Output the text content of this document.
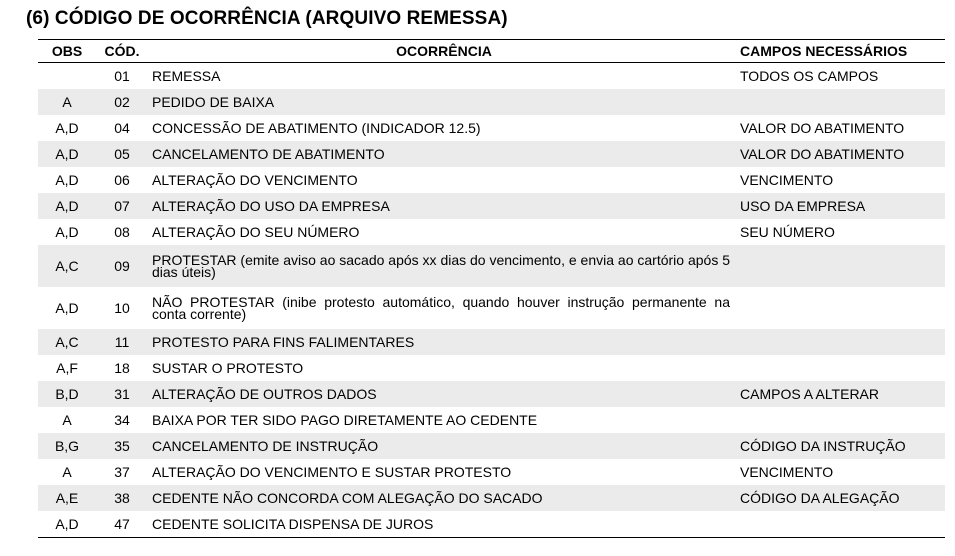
(6) CÓDIGO DE OCORRÊNCIA (ARQUIVO REMESSA)
OBS	CÓD.	OCORRÊNCIA	CAMPOS NECESSÁRIOS
	01	REMESSA	TODOS OS CAMPOS
A	02	PEDIDO DE BAIXA	
A,D	04	CONCESSÃO DE ABATIMENTO (INDICADOR 12.5)	VALOR DO ABATIMENTO
A,D	05	CANCELAMENTO DE ABATIMENTO	VALOR DO ABATIMENTO
A,D	06	ALTERAÇÃO DO VENCIMENTO	VENCIMENTO
A,D	07	ALTERAÇÃO DO USO DA EMPRESA	USO DA EMPRESA
A,D	08	ALTERAÇÃO DO SEU NÚMERO	SEU NÚMERO
A,C	09	PROTESTAR (emite aviso ao sacado após xx dias do vencimento, e envia ao cartório após 5 dias úteis)	

A,D	10	NÃO PROTESTAR (inibe protesto automático, quando houver instrução permanente na conta corrente)	

A,C	11	PROTESTO PARA FINS FALIMENTARES	
A,F	18	SUSTAR O PROTESTO	
B,D	31	ALTERAÇÃO DE OUTROS DADOS	CAMPOS A ALTERAR
A	34	BAIXA POR TER SIDO PAGO DIRETAMENTE AO CEDENTE	
B,G	35	CANCELAMENTO DE INSTRUÇÃO	CÓDIGO DA INSTRUÇÃO
A	37	ALTERAÇÃO DO VENCIMENTO E SUSTAR PROTESTO	VENCIMENTO
A,E	38	CEDENTE NÃO CONCORDA COM ALEGAÇÃO DO SACADO	CÓDIGO DA ALEGAÇÃO
A,D	47	CEDENTE SOLICITA DISPENSA DE JUROS	
